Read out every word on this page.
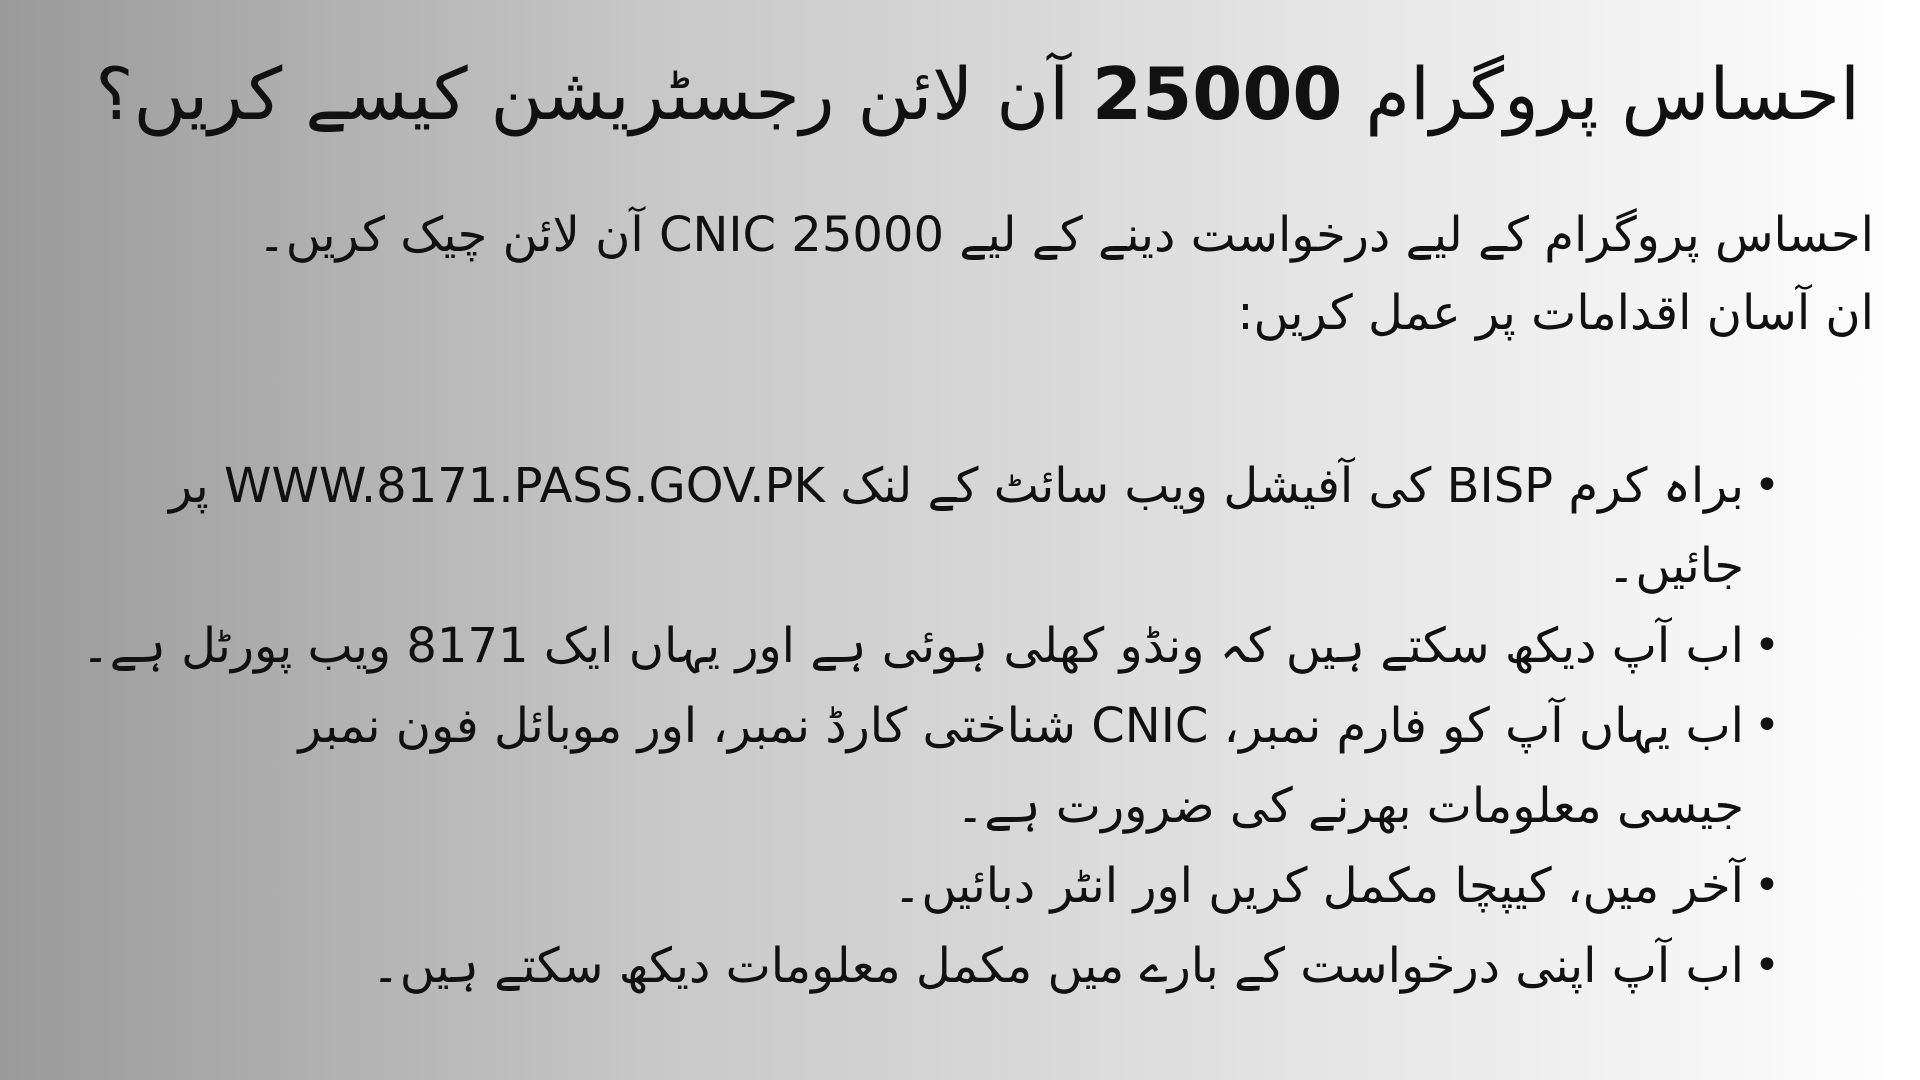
احساس پروگرام 25000 آن لائن رجسٹریشن کیسے کریں؟
احساس پروگرام کے لیے درخواست دینے کے لیے CNIC 25000 آن لائن چیک کریں۔
ان آسان اقدامات پر عمل کریں:
•
براہ کرم BISP کی آفیشل ویب سائٹ کے لنک WWW.8171.PASS.GOV.PK پر جائیں۔
•
اب آپ دیکھ سکتے ہیں کہ ونڈو کھلی ہوئی ہے اور یہاں ایک 8171 ویب پورٹل ہے۔
•
اب یہاں آپ کو فارم نمبر، CNIC شناختی کارڈ نمبر، اور موبائل فون نمبر جیسی معلومات بھرنے کی ضرورت ہے۔
•
آخر میں، کیپچا مکمل کریں اور انٹر دبائیں۔
•
اب آپ اپنی درخواست کے بارے میں مکمل معلومات دیکھ سکتے ہیں۔
